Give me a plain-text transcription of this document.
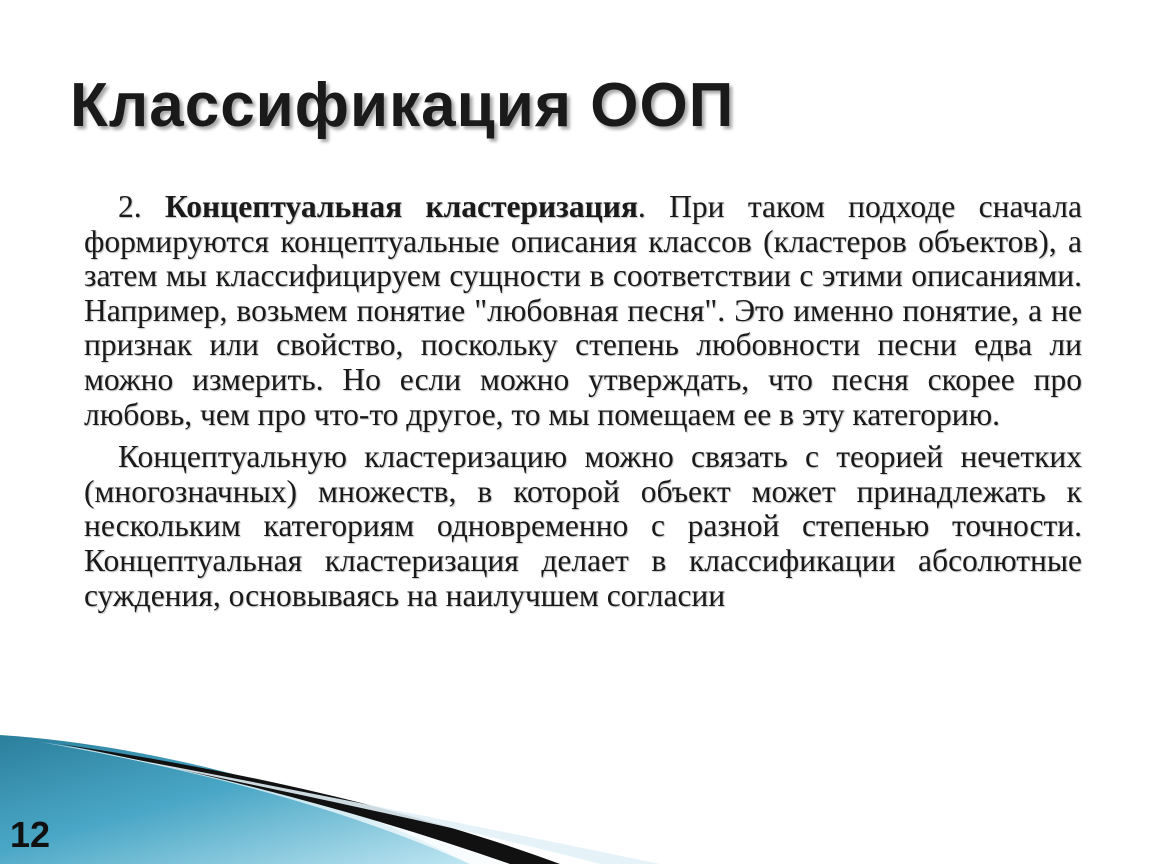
Классификация ООП

2. Концептуальная кластеризация. При таком подходе сначала формируются концептуальные описания классов (кластеров объектов), а затем мы классифицируем сущности в соответствии с этими описаниями. Например, возьмем понятие "любовная песня". Это именно понятие, а не признак или свойство, поскольку степень любовности песни едва ли можно измерить. Но если можно утверждать, что песня скорее про любовь, чем про что-то другое, то мы помещаем ее в эту категорию.

Концептуальную кластеризацию можно связать с теорией нечетких (многозначных) множеств, в которой объект может принадлежать к нескольким категориям одновременно с разной степенью точности. Концептуальная кластеризация делает в классификации абсолютные суждения, основываясь на наилучшем согласии

12
